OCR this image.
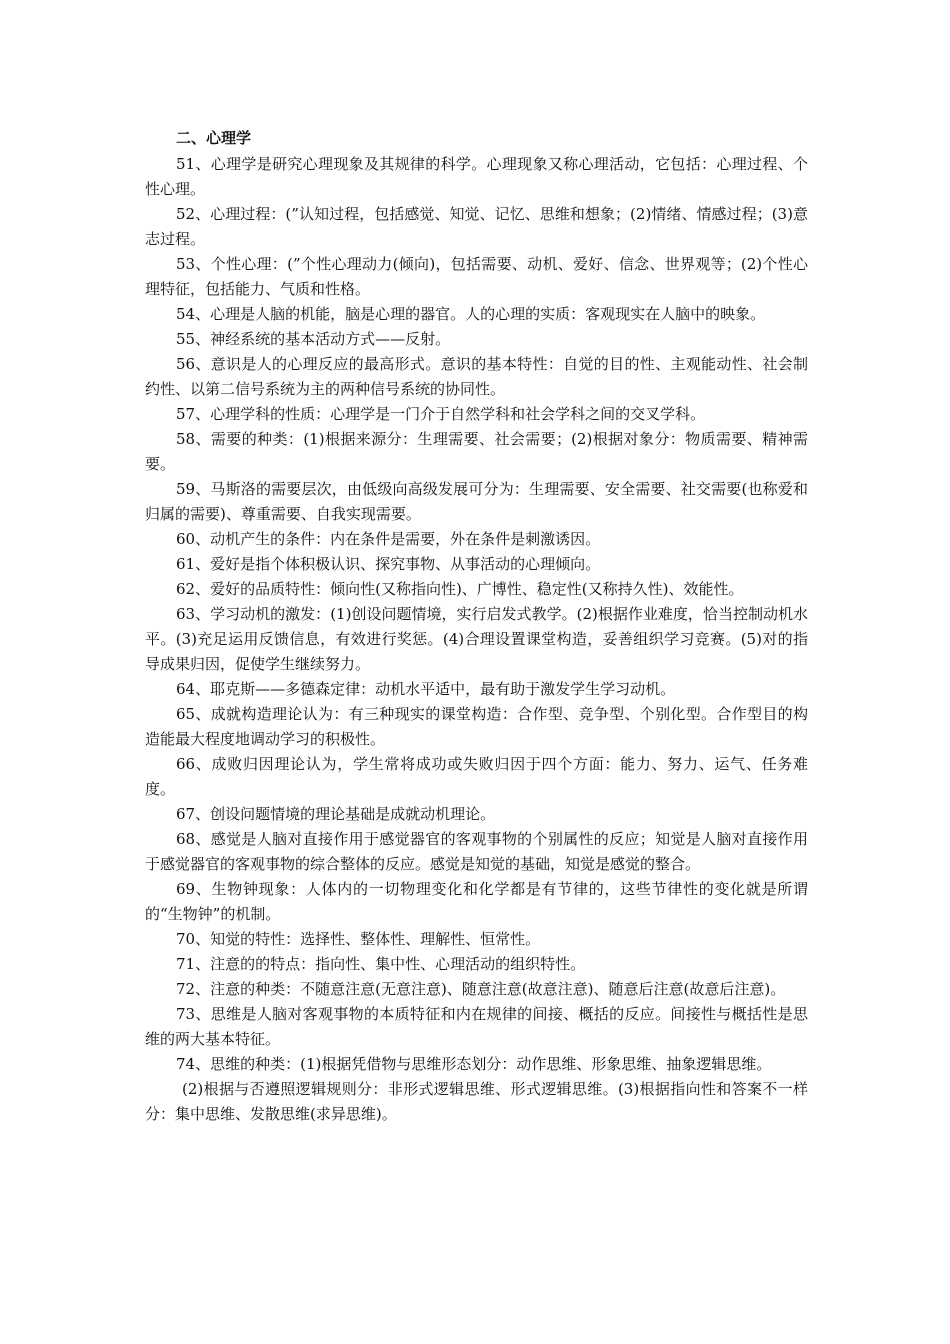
二、心理学

51、心理学是研究心理现象及其规律的科学。心理现象又称心理活动，它包括：心理过程、个性心理。

52、心理过程：(”认知过程，包括感觉、知觉、记忆、思维和想象；(2)情绪、情感过程；(3)意志过程。

53、个性心理：(”个性心理动力(倾向)，包括需要、动机、爱好、信念、世界观等；(2)个性心理特征，包括能力、气质和性格。

54、心理是人脑的机能，脑是心理的器官。人的心理的实质：客观现实在人脑中的映象。

55、神经系统的基本活动方式——反射。

56、意识是人的心理反应的最高形式。意识的基本特性：自觉的目的性、主观能动性、社会制约性、以第二信号系统为主的两种信号系统的协同性。

57、心理学科的性质：心理学是一门介于自然学科和社会学科之间的交叉学科。

58、需要的种类：(1)根据来源分：生理需要、社会需要；(2)根据对象分：物质需要、精神需要。

59、马斯洛的需要层次，由低级向高级发展可分为：生理需要、安全需要、社交需要(也称爱和归属的需要)、尊重需要、自我实现需要。

60、动机产生的条件：内在条件是需要，外在条件是刺激诱因。

61、爱好是指个体积极认识、探究事物、从事活动的心理倾向。

62、爱好的品质特性：倾向性(又称指向性)、广博性、稳定性(又称持久性)、效能性。

63、学习动机的激发：(1)创设问题情境，实行启发式教学。(2)根据作业难度，恰当控制动机水平。(3)充足运用反馈信息，有效进行奖惩。(4)合理设置课堂构造，妥善组织学习竞赛。(5)对的指导成果归因，促使学生继续努力。

64、耶克斯——多德森定律：动机水平适中，最有助于激发学生学习动机。

65、成就构造理论认为：有三种现实的课堂构造：合作型、竞争型、个别化型。合作型目的构造能最大程度地调动学习的积极性。

66、成败归因理论认为，学生常将成功或失败归因于四个方面：能力、努力、运气、任务难度。

67、创设问题情境的理论基础是成就动机理论。

68、感觉是人脑对直接作用于感觉器官的客观事物的个别属性的反应；知觉是人脑对直接作用于感觉器官的客观事物的综合整体的反应。感觉是知觉的基础，知觉是感觉的整合。

69、生物钟现象：人体内的一切物理变化和化学都是有节律的，这些节律性的变化就是所谓的“生物钟”的机制。

70、知觉的特性：选择性、整体性、理解性、恒常性。

71、注意的的特点：指向性、集中性、心理活动的组织特性。

72、注意的种类：不随意注意(无意注意)、随意注意(故意注意)、随意后注意(故意后注意)。

73、思维是人脑对客观事物的本质特征和内在规律的间接、概括的反应。间接性与概括性是思维的两大基本特征。

74、思维的种类：(1)根据凭借物与思维形态划分：动作思维、形象思维、抽象逻辑思维。

(2)根据与否遵照逻辑规则分：非形式逻辑思维、形式逻辑思维。(3)根据指向性和答案不一样分：集中思维、发散思维(求异思维)。
